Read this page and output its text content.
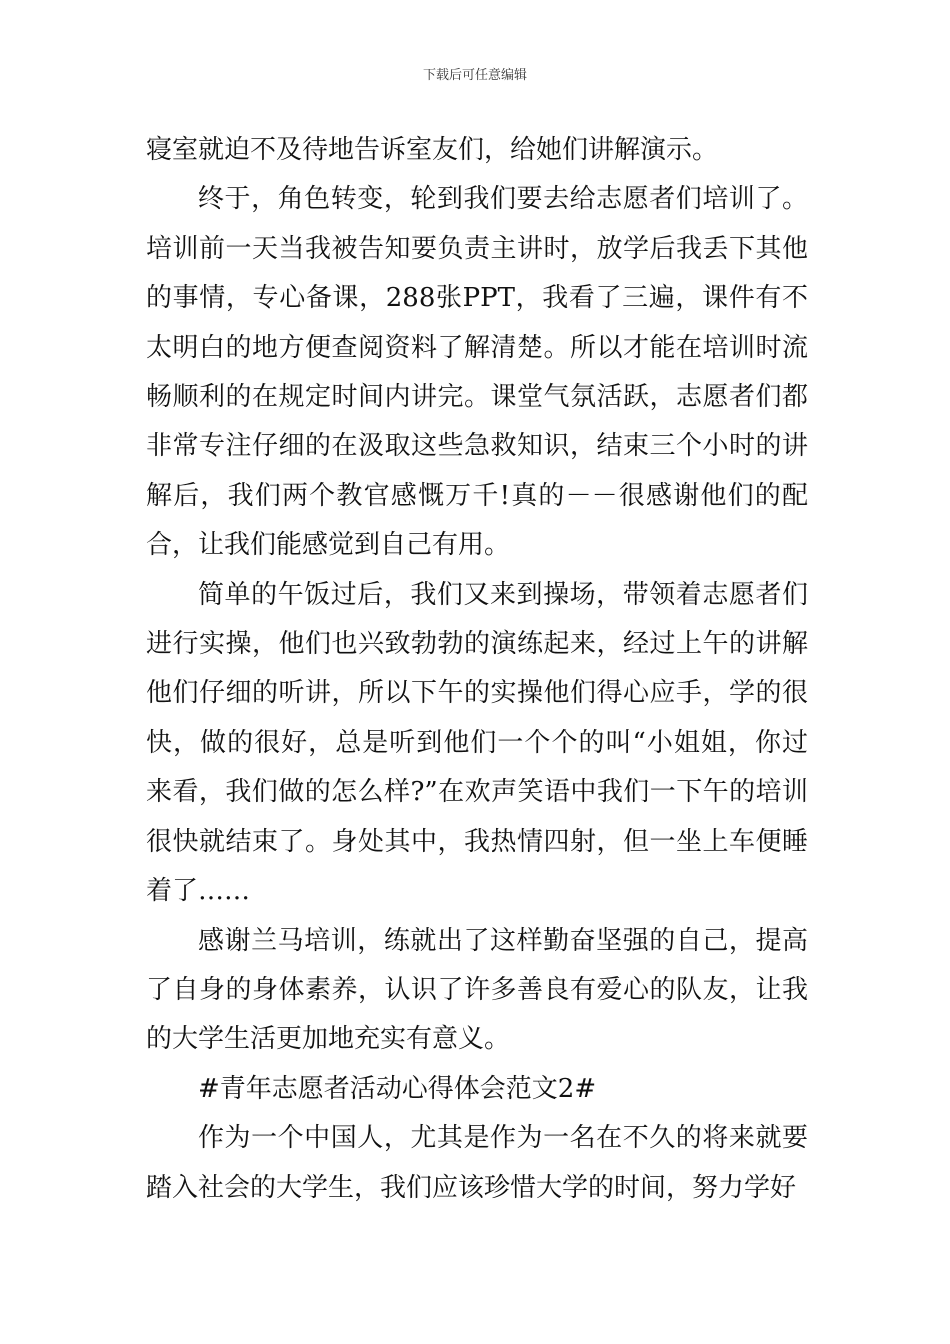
下载后可任意编辑

寝室就迫不及待地告诉室友们，给她们讲解演示。

终于，角色转变，轮到我们要去给志愿者们培训了。培训前一天当我被告知要负责主讲时，放学后我丢下其他的事情，专心备课，288张PPT，我看了三遍，课件有不太明白的地方便查阅资料了解清楚。所以才能在培训时流畅顺利的在规定时间内讲完。课堂气氛活跃，志愿者们都非常专注仔细的在汲取这些急救知识，结束三个小时的讲解后，我们两个教官感慨万千!真的－－很感谢他们的配合，让我们能感觉到自己有用。

简单的午饭过后，我们又来到操场，带领着志愿者们进行实操，他们也兴致勃勃的演练起来，经过上午的讲解他们仔细的听讲，所以下午的实操他们得心应手，学的很快，做的很好，总是听到他们一个个的叫“小姐姐，你过来看，我们做的怎么样?”在欢声笑语中我们一下午的培训很快就结束了。身处其中，我热情四射，但一坐上车便睡着了……

感谢兰马培训，练就出了这样勤奋坚强的自己，提高了自身的身体素养，认识了许多善良有爱心的队友，让我的大学生活更加地充实有意义。

#青年志愿者活动心得体会范文2#

作为一个中国人，尤其是作为一名在不久的将来就要踏入社会的大学生，我们应该珍惜大学的时间，努力学好
